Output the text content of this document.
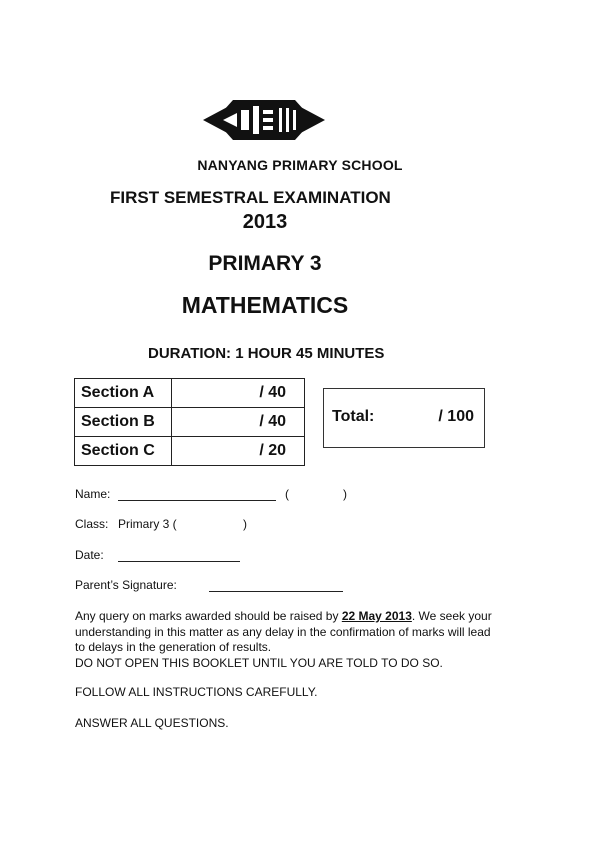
NANYANG PRIMARY SCHOOL
FIRST SEMESTRAL EXAMINATION
2013
PRIMARY 3
MATHEMATICS
DURATION: 1 HOUR 45 MINUTES
Section A	/ 40
Section B	/ 40
Section C	/ 20
Total:	/ 100
Name:	(	)
Class: Primary 3 (	)
Date:
Parent’s Signature:
Any query on marks awarded should be raised by 22 May 2013. We seek your understanding in this matter as any delay in the confirmation of marks will lead to delays in the generation of results.
DO NOT OPEN THIS BOOKLET UNTIL YOU ARE TOLD TO DO SO.
FOLLOW ALL INSTRUCTIONS CAREFULLY.
ANSWER ALL QUESTIONS.
